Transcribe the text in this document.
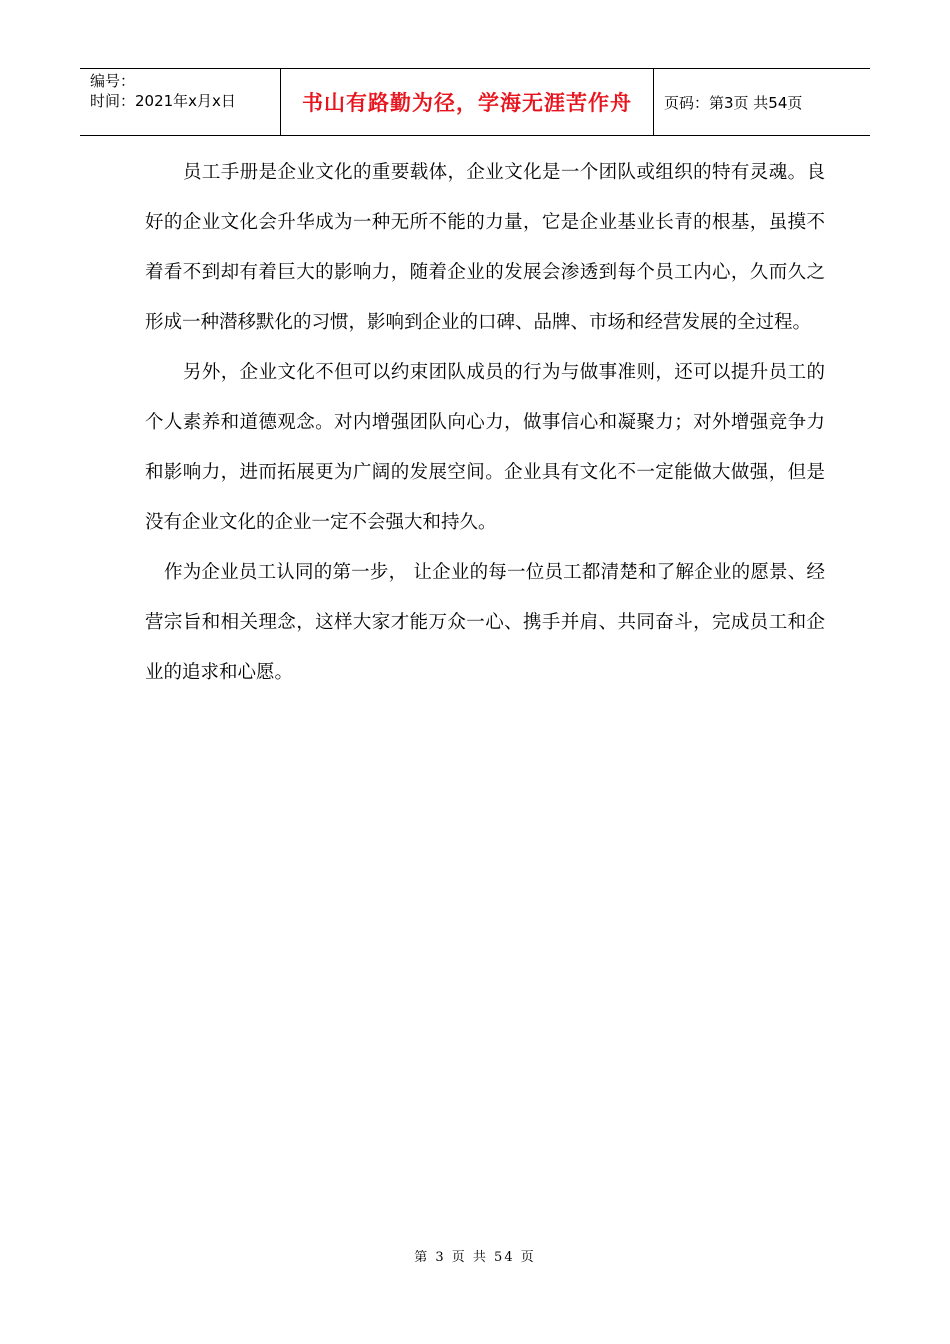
编号：
时间：2021年x月x日	书山有路勤为径，学海无涯苦作舟 页码：第3页 共54页

员工手册是企业文化的重要载体，企业文化是一个团队或组织的特有灵魂。良好的企业文化会升华成为一种无所不能的力量，它是企业基业长青的根基，虽摸不着看不到却有着巨大的影响力，随着企业的发展会渗透到每个员工内心，久而久之形成一种潜移默化的习惯，影响到企业的口碑、品牌、市场和经营发展的全过程。

另外，企业文化不但可以约束团队成员的行为与做事准则，还可以提升员工的个人素养和道德观念。对内增强团队向心力，做事信心和凝聚力；对外增强竞争力和影响力，进而拓展更为广阔的发展空间。企业具有文化不一定能做大做强，但是没有企业文化的企业一定不会强大和持久。

作为企业员工认同的第一步， 让企业的每一位员工都清楚和了解企业的愿景、经营宗旨和相关理念，这样大家才能万众一心、携手并肩、共同奋斗，完成员工和企业的追求和心愿。

第 3 页 共 54 页
